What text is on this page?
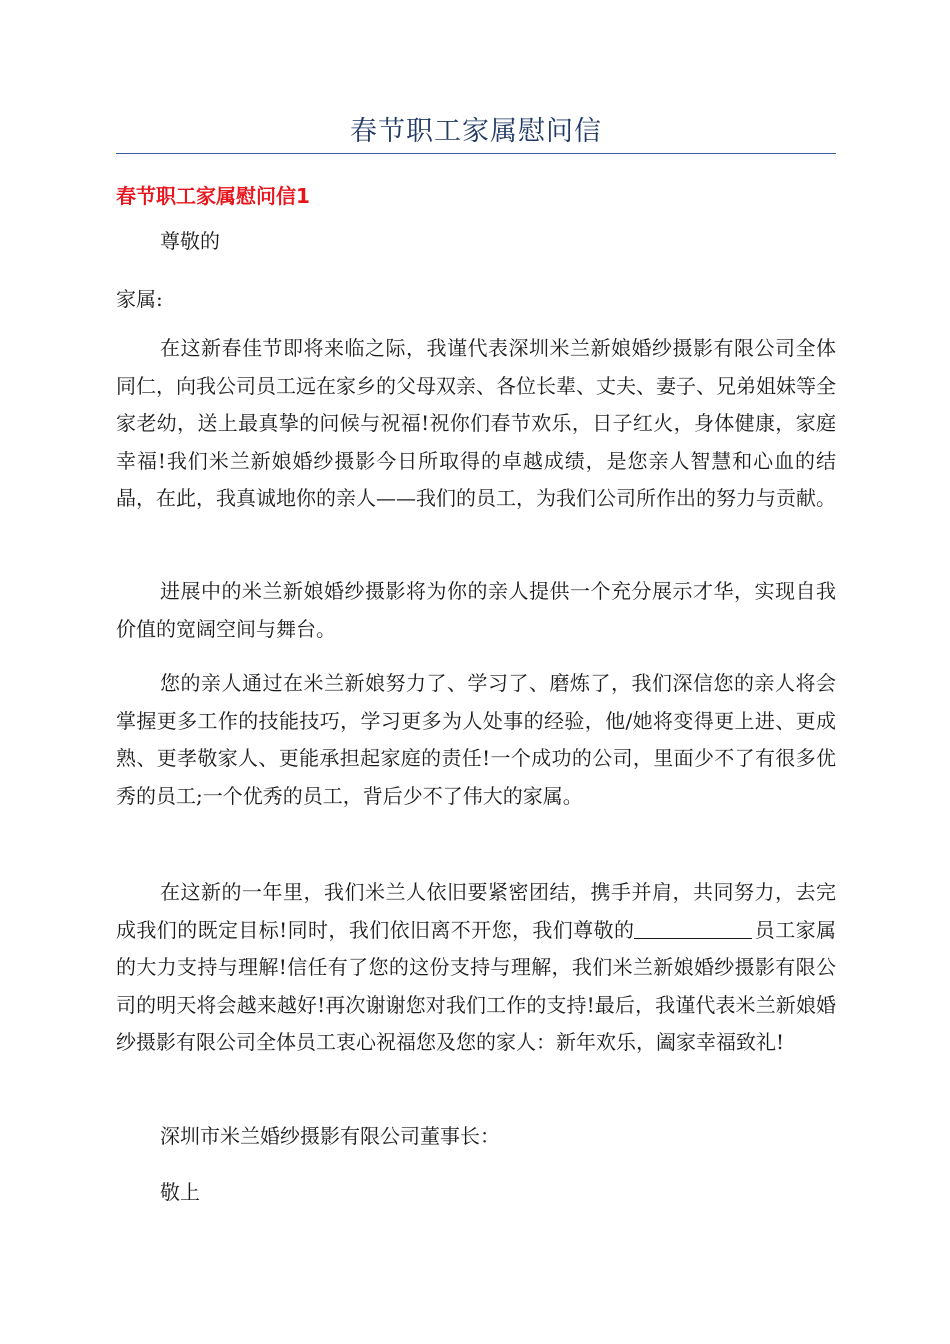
春节职工家属慰问信
春节职工家属慰问信1
尊敬的
家属:
在这新春佳节即将来临之际，我谨代表深圳米兰新娘婚纱摄影有限公司全体同仁，向我公司员工远在家乡的父母双亲、各位长辈、丈夫、妻子、兄弟姐妹等全家老幼，送上最真挚的问候与祝福!祝你们春节欢乐，日子红火，身体健康，家庭幸福!我们米兰新娘婚纱摄影今日所取得的卓越成绩，是您亲人智慧和心血的结晶，在此，我真诚地你的亲人——我们的员工，为我们公司所作出的努力与贡献。
进展中的米兰新娘婚纱摄影将为你的亲人提供一个充分展示才华，实现自我价值的宽阔空间与舞台。
您的亲人通过在米兰新娘努力了、学习了、磨炼了，我们深信您的亲人将会掌握更多工作的技能技巧，学习更多为人处事的经验，他/她将变得更上进、更成熟、更孝敬家人、更能承担起家庭的责任!一个成功的公司，里面少不了有很多优秀的员工;一个优秀的员工，背后少不了伟大的家属。
在这新的一年里，我们米兰人依旧要紧密团结，携手并肩，共同努力，去完成我们的既定目标!同时，我们依旧离不开您，我们尊敬的	员工家属的大力支持与理解!信任有了您的这份支持与理解，我们米兰新娘婚纱摄影有限公司的明天将会越来越好!再次谢谢您对我们工作的支持!最后，我谨代表米兰新娘婚纱摄影有限公司全体员工衷心祝福您及您的家人：新年欢乐，阖家幸福致礼!
深圳市米兰婚纱摄影有限公司董事长：
敬上
